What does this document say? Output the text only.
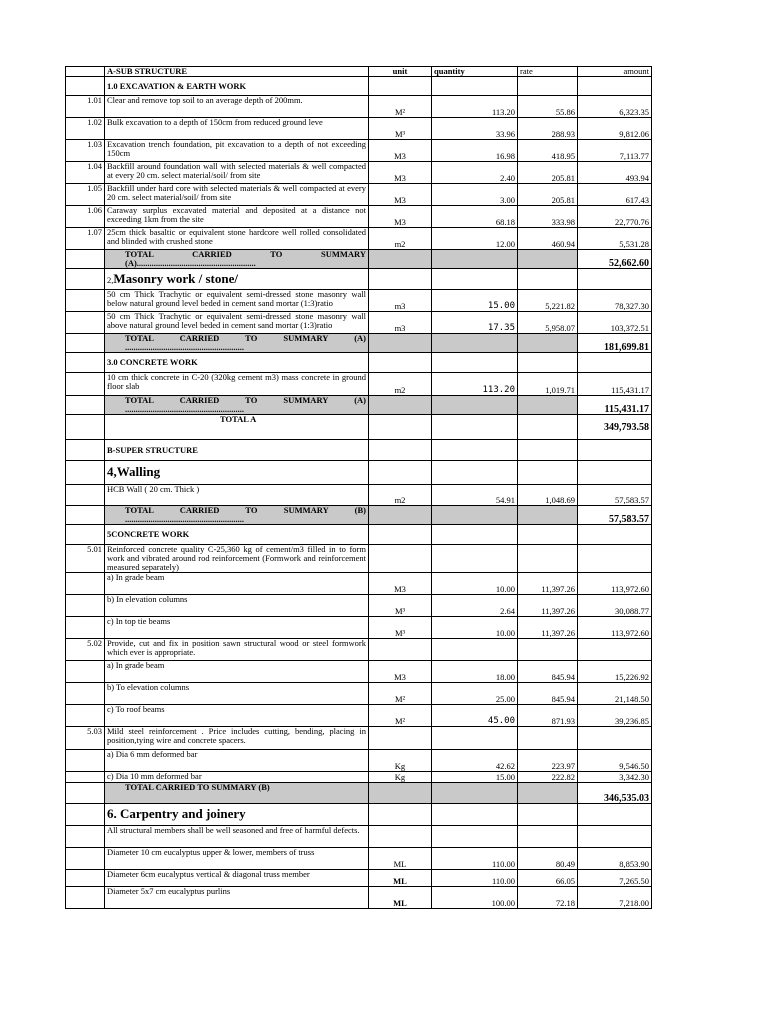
	A-SUB STRUCTURE	unit	quantity	rate	amount
	1.0 EXCAVATION & EARTH WORK				
1.01	Clear and remove top soil to an average depth of 200mm.	M²	113.20	55.86	6,323.35
1.02	Bulk excavation to a depth of 150cm from reduced ground leve	M³	33.96	288.93	9,812.06
1.03	Excavation trench foundation, pit excavation to a depth of not exceeding 150cm	M3	16.98	418.95	7,113.77
1.04	Backfill around foundation wall with selected materials & well compacted at every 20 cm. select material/soil/ from site	M3	2.40	205.81	493.94
1.05	Backfill under hard core with selected materials & well compacted at every 20 cm. select material/soil/ from site	M3	3.00	205.81	617.43
1.06	Caraway surplus excavated material and deposited at a distance not exceeding 1km from the site	M3	68.18	333.98	22,770.76
1.07	25cm thick basaltic or equivalent stone hardcore well rolled consolidated and blinded with crushed stone	m2	12.00	460.94	5,531.28
	TOTAL CARRIED TO SUMMARY (A)........................................................				52,662.60
	2,Masonry work / stone/				
	50 cm Thick Trachytic or equivalent semi-dressed stone masonry wall below natural ground level beded in cement sand mortar (1:3)ratio	m3	15.00	5,221.82	78,327.30
	50 cm Thick Trachytic or equivalent semi-dressed stone masonry wall above natural ground level beded in cement sand mortar (1:3)ratio	m3	17.35	5,958.07	103,372.51
	TOTAL CARRIED TO SUMMARY (A) ........................................................				181,699.81
	3.0 CONCRETE WORK				
	10 cm thick concrete in C-20 (320kg cement m3) mass concrete in ground floor slab	m2	113.20	1,019.71	115,431.17
	TOTAL CARRIED TO SUMMARY (A) ........................................................				115,431.17
	TOTAL A				349,793.58
	B-SUPER STRUCTURE				
	4,Walling				
	HCB Wall ( 20 cm. Thick )	m2	54.91	1,048.69	57,583.57
	TOTAL CARRIED TO SUMMARY (B) ........................................................				57,583.57
	5CONCRETE WORK				
5.01	Reinforced concrete quality C-25,360 kg of cement/m3 filled in to form work and vibrated around rod reinforcement (Formwork and reinforcement measured separately)				
	a) In grade beam	M3	10.00	11,397.26	113,972.60
	b) In elevation columns	M³	2.64	11,397.26	30,088.77
	c) In top tie beams	M³	10.00	11,397.26	113,972.60
5.02	Provide, cut and fix in position sawn structural wood or steel formwork which ever is appropriate.				
	a) In grade beam	M3	18.00	845.94	15,226.92
	b) To elevation columns	M²	25.00	845.94	21,148.50
	c) To roof beams	M²	45.00	871.93	39,236.85
5.03	Mild steel reinforcement . Price includes cutting, bending, placing in position,tying wire and concrete spacers.				
	a) Dia 6 mm deformed bar	Kg	42.62	223.97	9,546.50
	c) Dia 10 mm deformed bar	Kg	15.00	222.82	3,342.30
	TOTAL CARRIED TO SUMMARY (B)				346,535.03
	6. Carpentry and joinery				
	All structural members shall be well seasoned and free of harmful defects.				
	Diameter 10 cm eucalyptus upper & lower, members of truss	ML	110.00	80.49	8,853.90
	Diameter 6cm eucalyptus vertical & diagonal truss member	ML	110.00	66.05	7,265.50
	Diameter 5x7 cm eucalyptus purlins	ML	100.00	72.18	7,218.00
